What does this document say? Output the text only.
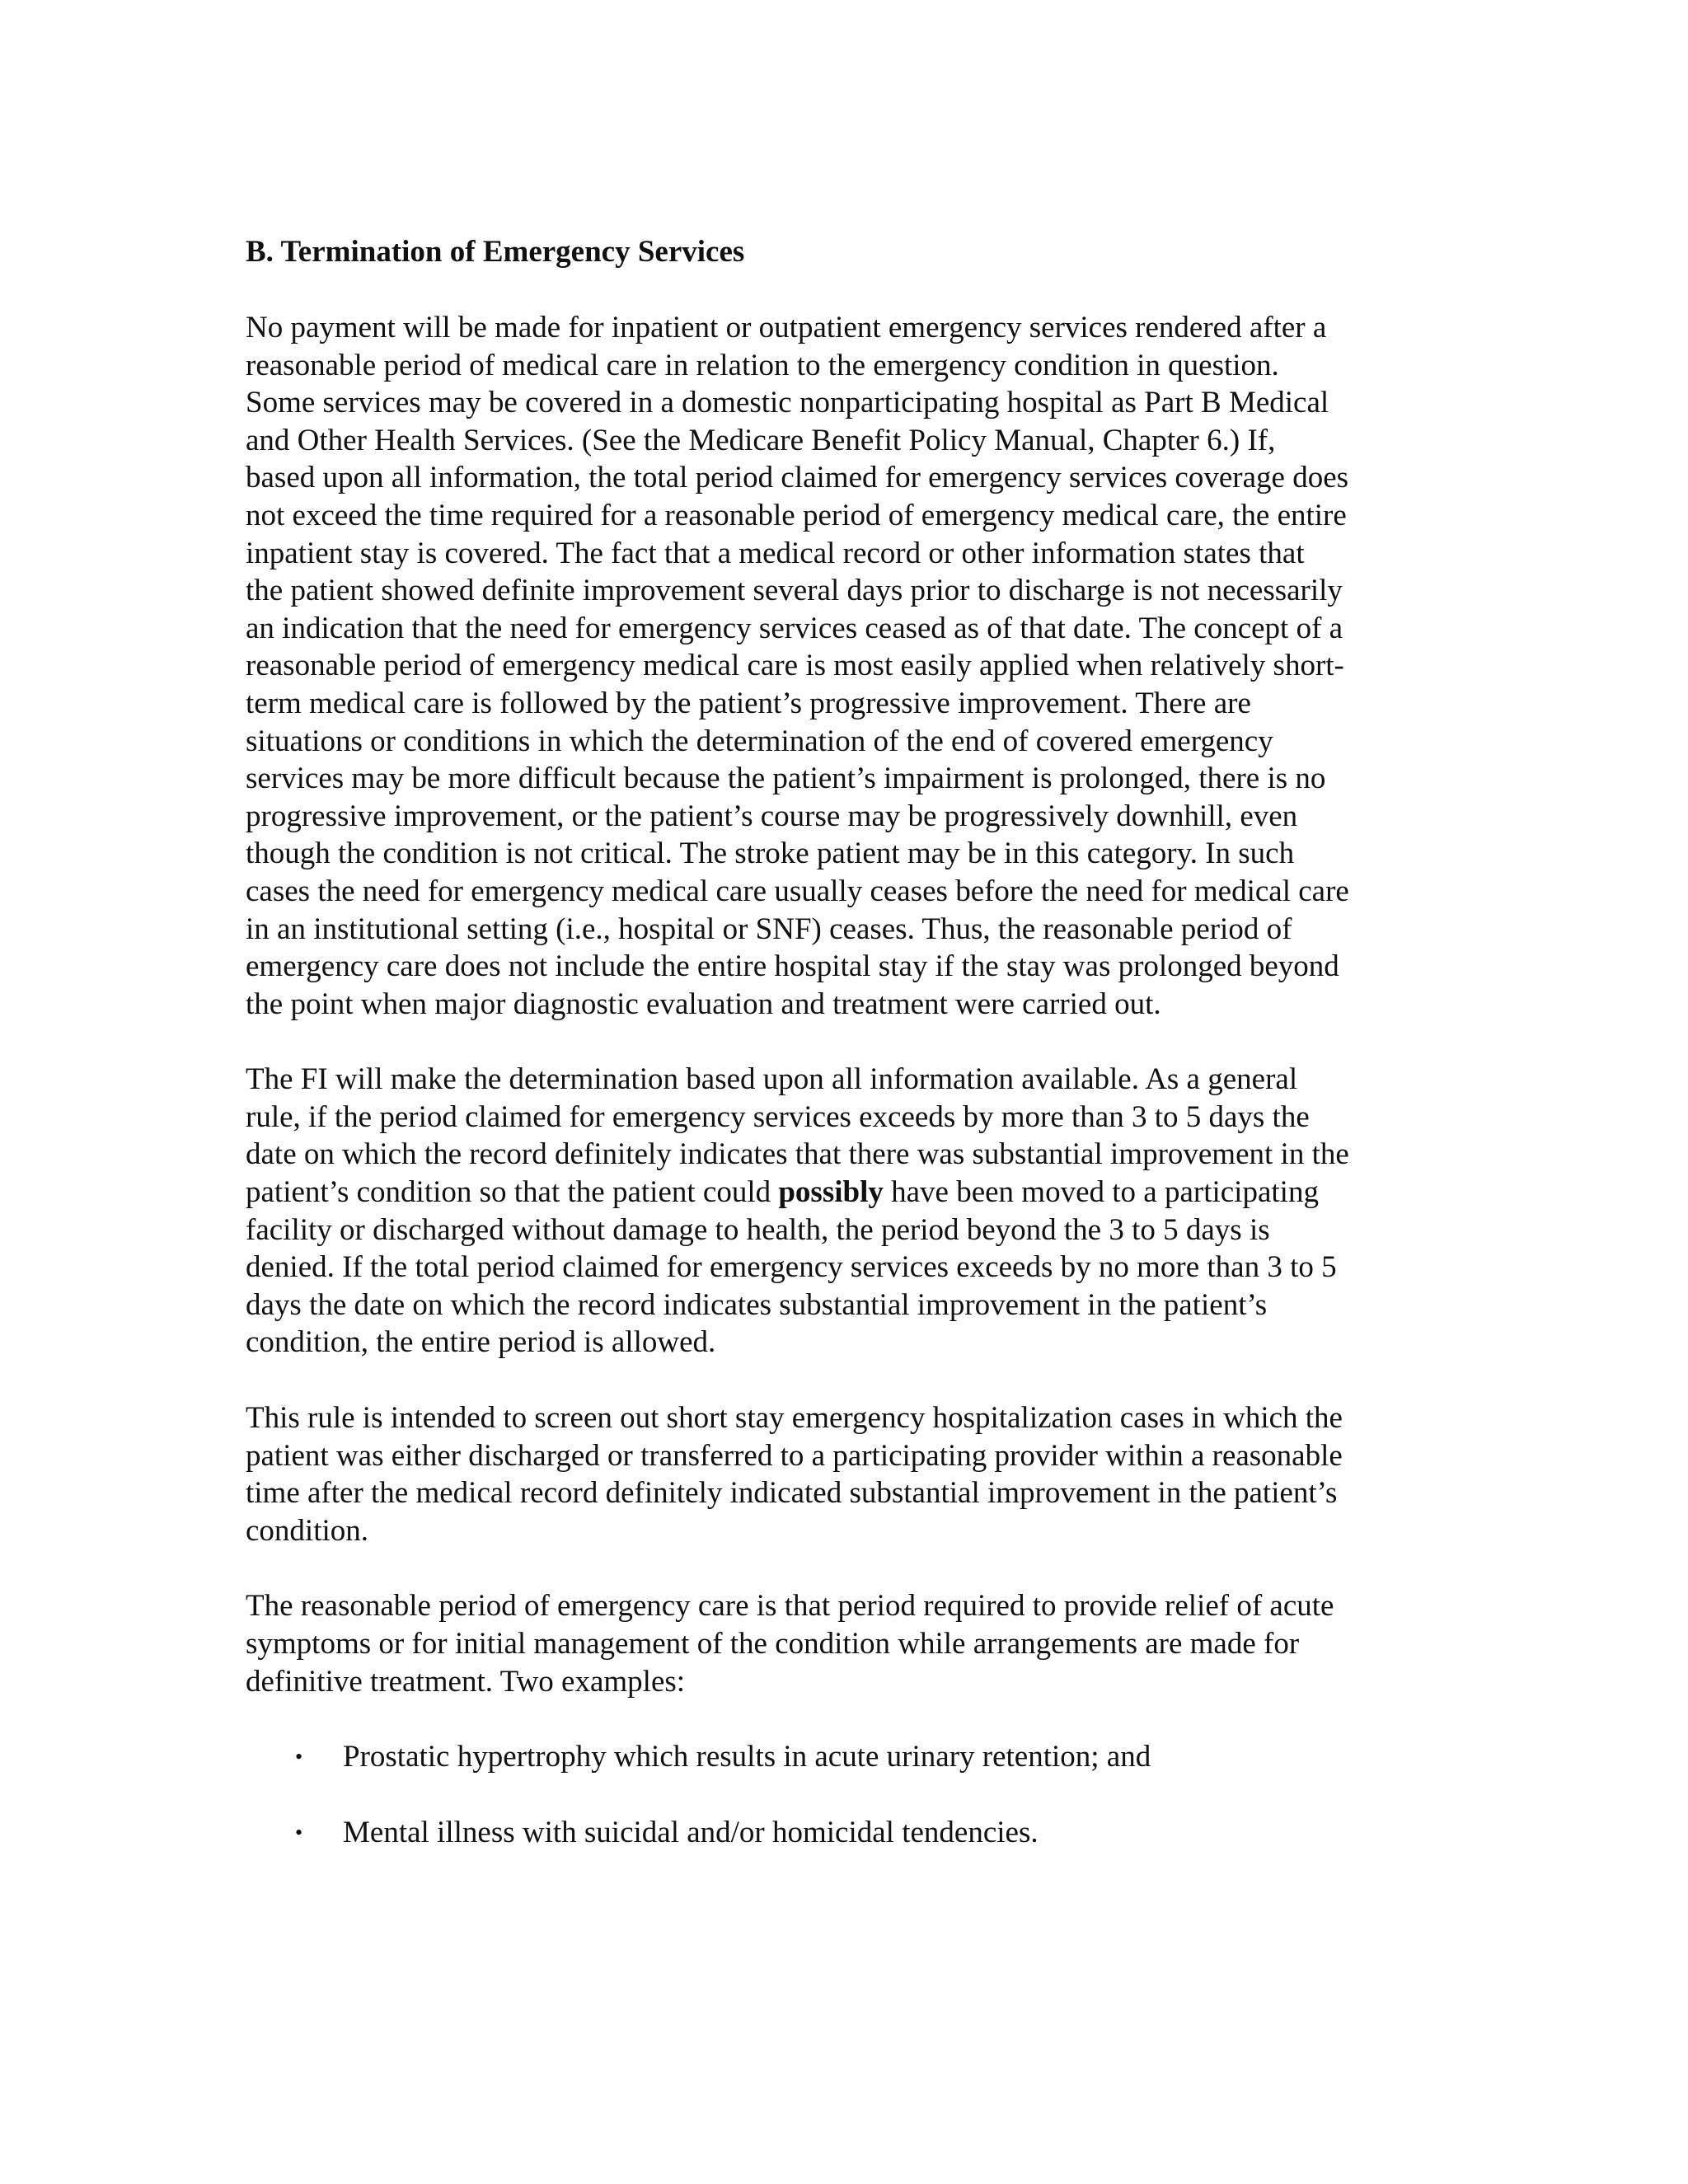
B. Termination of Emergency Services
No payment will be made for inpatient or outpatient emergency services rendered after a
reasonable period of medical care in relation to the emergency condition in question.
Some services may be covered in a domestic nonparticipating hospital as Part B Medical
and Other Health Services. (See the Medicare Benefit Policy Manual, Chapter 6.) If,
based upon all information, the total period claimed for emergency services coverage does
not exceed the time required for a reasonable period of emergency medical care, the entire
inpatient stay is covered. The fact that a medical record or other information states that
the patient showed definite improvement several days prior to discharge is not necessarily
an indication that the need for emergency services ceased as of that date. The concept of a
reasonable period of emergency medical care is most easily applied when relatively short-
term medical care is followed by the patient’s progressive improvement. There are
situations or conditions in which the determination of the end of covered emergency
services may be more difficult because the patient’s impairment is prolonged, there is no
progressive improvement, or the patient’s course may be progressively downhill, even
though the condition is not critical. The stroke patient may be in this category. In such
cases the need for emergency medical care usually ceases before the need for medical care
in an institutional setting (i.e., hospital or SNF) ceases. Thus, the reasonable period of
emergency care does not include the entire hospital stay if the stay was prolonged beyond
the point when major diagnostic evaluation and treatment were carried out.
The FI will make the determination based upon all information available. As a general
rule, if the period claimed for emergency services exceeds by more than 3 to 5 days the
date on which the record definitely indicates that there was substantial improvement in the
patient’s condition so that the patient could possibly have been moved to a participating
facility or discharged without damage to health, the period beyond the 3 to 5 days is
denied. If the total period claimed for emergency services exceeds by no more than 3 to 5
days the date on which the record indicates substantial improvement in the patient’s
condition, the entire period is allowed.
This rule is intended to screen out short stay emergency hospitalization cases in which the
patient was either discharged or transferred to a participating provider within a reasonable
time after the medical record definitely indicated substantial improvement in the patient’s
condition.
The reasonable period of emergency care is that period required to provide relief of acute
symptoms or for initial management of the condition while arrangements are made for
definitive treatment. Two examples:
• Prostatic hypertrophy which results in acute urinary retention; and
• Mental illness with suicidal and/or homicidal tendencies.
